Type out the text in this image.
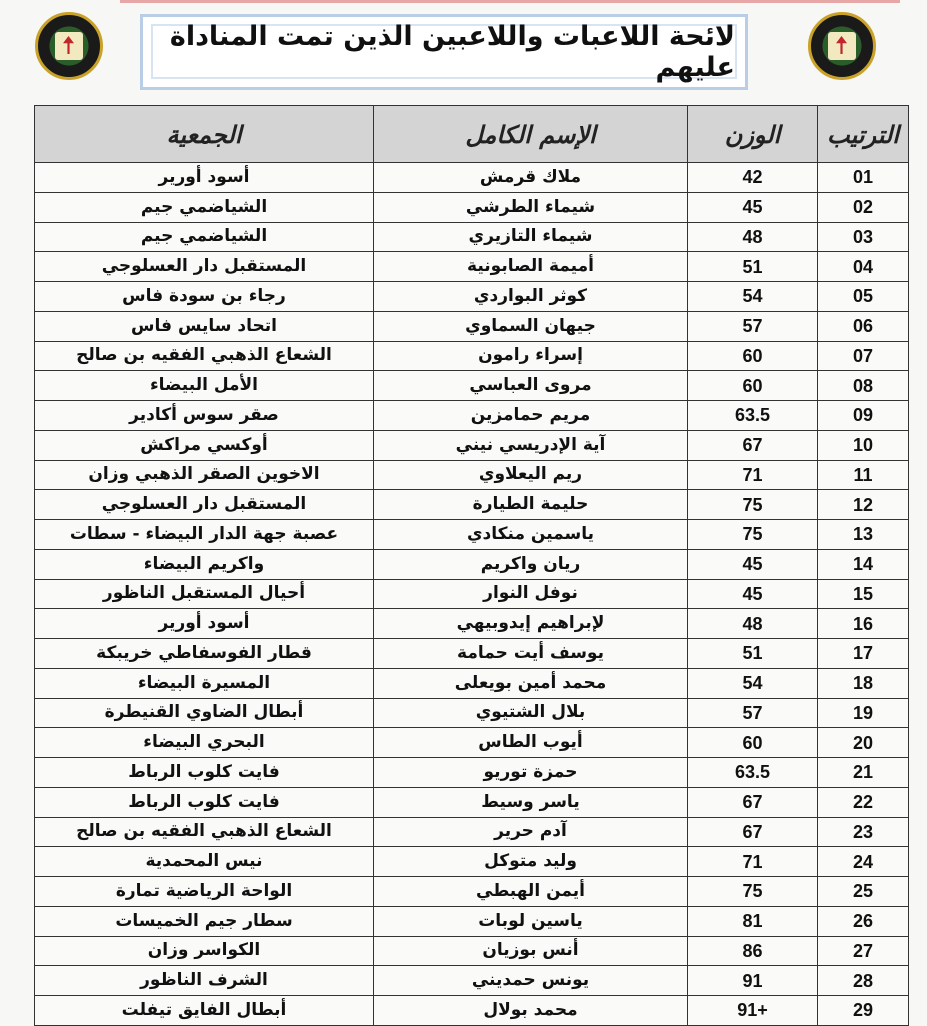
لائحة اللاعبات واللاعبين الذين تمت المناداة عليهم
الترتيب	الوزن	الإسم الكامل	الجمعية
01	42	ملاك قرمش	أسود أورير
02	45	شيماء الطرشي	الشياضمي جيم
03	48	شيماء التازيري	الشياضمي جيم
04	51	أميمة الصابونية	المستقبل دار العسلوجي
05	54	كوثر البواردي	رجاء بن سودة فاس
06	57	جيهان السماوي	اتحاد سايس فاس
07	60	إسراء رامون	الشعاع الذهبي الفقيه بن صالح
08	60	مروى العباسي	الأمل البيضاء
09	63.5	مريم حمامزين	صقر سوس أكادير
10	67	آية الإدريسي نيني	أوكسي مراكش
11	71	ريم اليعلاوي	الاخوين الصقر الذهبي وزان
12	75	حليمة الطيارة	المستقبل دار العسلوجي
13	75	ياسمين منكادي	عصبة جهة الدار البيضاء - سطات
14	45	ريان واكريم	واكريم البيضاء
15	45	نوفل النوار	أحيال المستقبل الناظور
16	48	لإبراهيم إيدوبيهي	أسود أورير
17	51	يوسف أيت حمامة	قطار الفوسفاطي خريبكة
18	54	محمد أمين بويعلى	المسيرة البيضاء
19	57	بلال الشتيوي	أبطال الضاوي القنيطرة
20	60	أيوب الطاس	البحري البيضاء
21	63.5	حمزة توريو	فايت كلوب الرباط
22	67	ياسر وسيط	فايت كلوب الرباط
23	67	آدم حرير	الشعاع الذهبي الفقيه بن صالح
24	71	وليد متوكل	نيس المحمدية
25	75	أيمن الهبطي	الواحة الرياضية تمارة
26	81	ياسين لوبات	سطار جيم الخميسات
27	86	أنس بوزيان	الكواسر وزان
28	91	يونس حمديني	الشرف الناظور
29	91+	محمد بولال	أبطال الفايق تيفلت
